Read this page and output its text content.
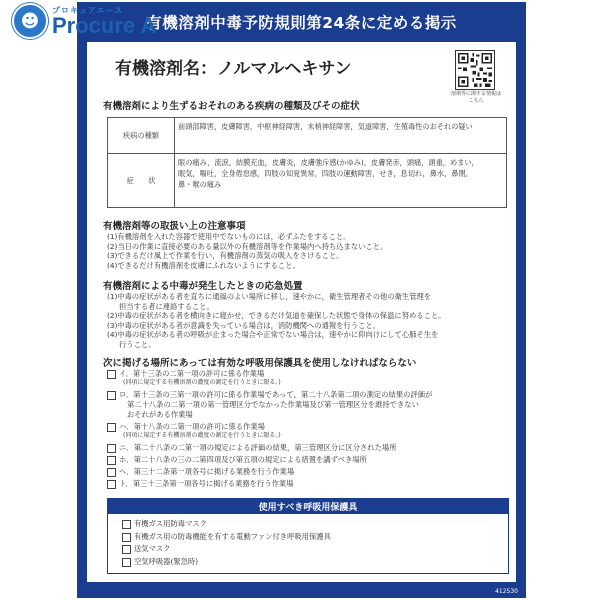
☻
プロキュアエース
Procure A
有機溶剤中毒予防規則第24条に定める掲示
有機溶剤名：ノルマルヘキサン
溶剤等に関する情報はこちら
有機溶剤により生ずるおそれのある疾病の種類及びその症状
疾病の種類	前頭部障害，皮膚障害，中枢神経障害，末梢神経障害，気道障害，生殖毒性のおそれの疑い
症　　状	眼の痛み，流涙，結膜充血，皮膚炎，皮膚強斥感(かゆみ)，皮膚発赤，頭痛，頭重，めまい，
眠気，嘔吐，全身倦怠感，四肢の知覚異常，四肢の運動障害，せき，息切れ，鼻水，鼻閉，
鼻・喉の痛み
有機溶剤等の取扱い上の注意事項
(1)有機溶剤を入れた容器で使用中でないものには，必ずふたをすること。
(2)当日の作業に直接必要のある量以外の有機溶剤等を作業場内へ持ち込まないこと。
(3)できるだけ風上で作業を行い，有機溶剤の蒸気の吸入をさけること。
(4)できるだけ有機溶剤を皮膚にふれないようにすること。
有機溶剤による中毒が発生したときの応急処置
(1)中毒の症状がある者を直ちに通風のよい場所に移し，速やかに，衛生管理者その他の衛生管理を
担当する者に連絡すること。
(2)中毒の症状がある者を横向きに寝かせ，できるだけ気道を確保した状態で身体の保温に努めること。
(3)中毒の症状がある者が意識を失っている場合は，消防機関への通報を行うこと。
(4)中毒の症状がある者の呼吸が止まった場合や正常でない場合は，速やかに仰向けにして心肺そ生を
行うこと。
次に掲げる場所にあっては有効な呼吸用保護具を使用しなければならない
イ．第十三条の二第一項の許可に係る作業場
(同項に規定する有機溶剤の濃度の測定を行うときに限る。)
ロ．第十三条の三第一項の許可に係る作業場であって，第二十八条第二項の測定の結果の評価が
第二十八条の二第一項の第一管理区分でなかった作業場及び第一管理区分を維持できない
おそれがある作業場
ハ．第十八条の二第一項の許可に係る作業場
(同項に規定する有機溶剤の濃度の測定を行うときに限る。)
ニ．第二十八条の二第一項の規定による評価の結果，第三管理区分に区分された場所
ホ．第二十八条の三の二第四項及び第五項の規定による措置を講ずべき場所
ヘ．第三十二条第一項各号に掲げる業務を行う作業場
ト．第三十三条第一項各号に掲げる業務を行う作業場
使用すべき呼吸用保護具
有機ガス用防毒マスク
有機ガス用の防毒機能を有する電動ファン付き呼吸用保護具
送気マスク
空気呼吸器(緊急時)
412530
